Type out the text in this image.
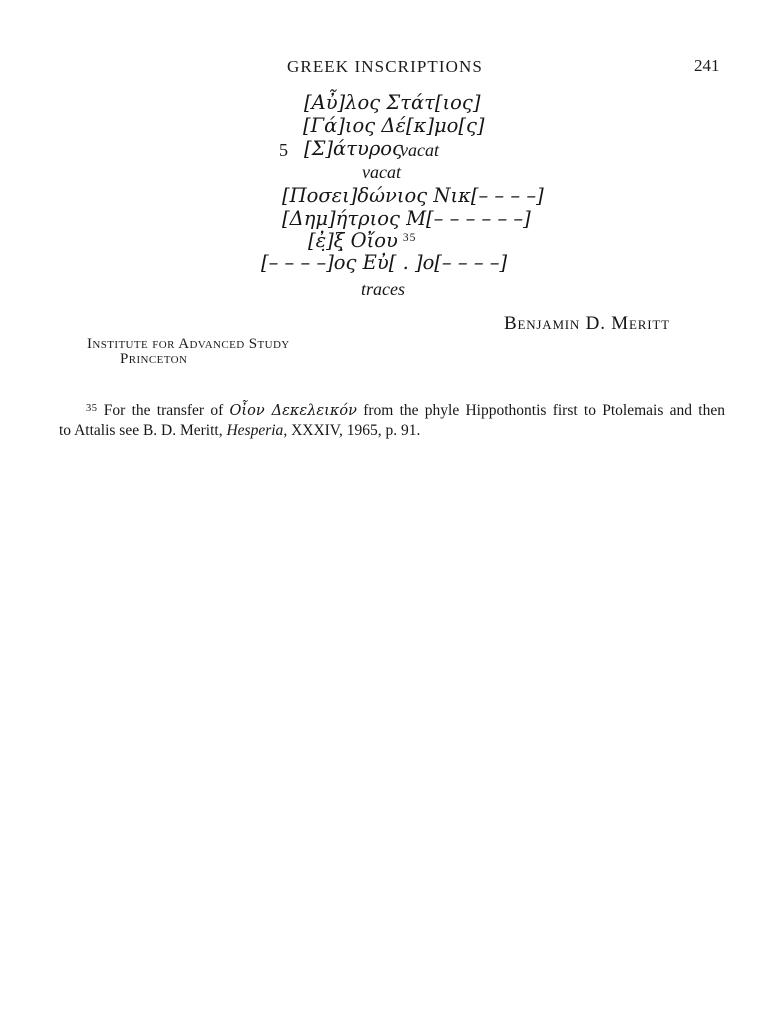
GREEK INSCRIPTIONS	241
[Αὖ]λος Στάτ[ιος]
[Γά]ιος Δέ[κ]μο[ς]
5 [Σ]άτυρος
vacat
vacat
[Ποσει]δώνιος Νικ[– – – –]
[Δημ]ήτριος Μ[– – – – – –]
[ἐ̣]ξ̣ Οἴου $^{35}$
[– – – –]ος Εὐ[ . ]ο[– – – –]
traces
Benjamin D. Meritt
Institute for Advanced Study
Princeton
$^{35}$ For the transfer of Οἶον Δεκελεικόν from the phyle Hippothontis first to Ptolemais and then
to Attalis see B. D. Meritt, Hesperia, XXXIV, 1965, p. 91.
